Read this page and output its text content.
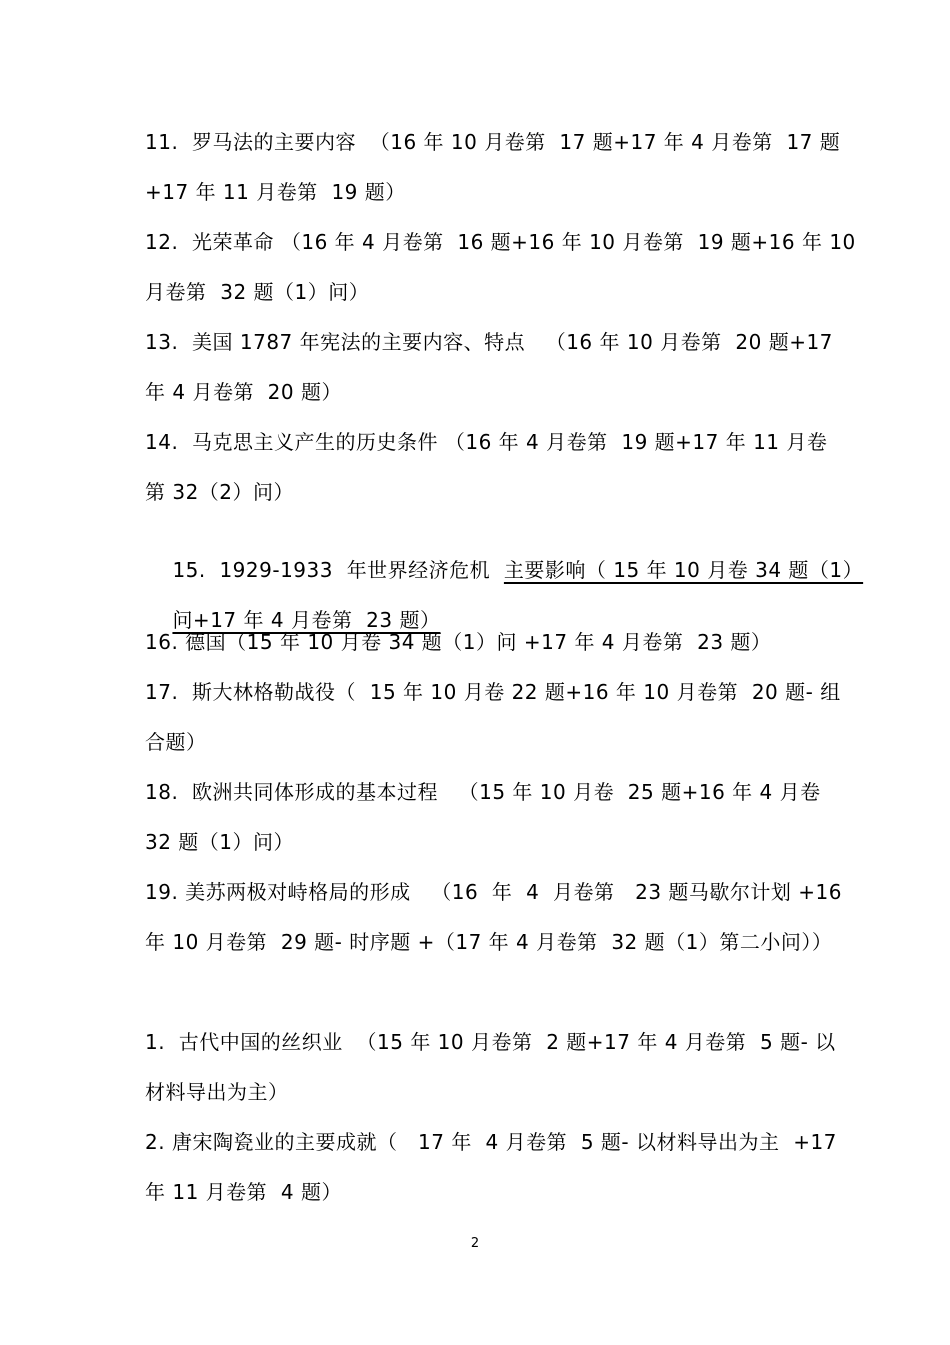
11.  罗马法的主要内容  （16 年 10 月卷第  17 题+17 年 4 月卷第  17 题
+17 年 11 月卷第  19 题）
12.  光荣革命 （16 年 4 月卷第  16 题+16 年 10 月卷第  19 题+16 年 10
月卷第  32 题（1）问）
13.  美国 1787 年宪法的主要内容、特点   （16 年 10 月卷第  20 题+17
年 4 月卷第  20 题）
14.  马克思主义产生的历史条件 （16 年 4 月卷第  19 题+17 年 11 月卷
第 32（2）问）

15.  1929-1933  年世界经济危机  主要影响（ 15 年 10 月卷 34 题（1）

问+17 年 4 月卷第  23 题）

16. 德国（15 年 10 月卷 34 题（1）问 +17 年 4 月卷第  23 题）
17.  斯大林格勒战役（  15 年 10 月卷 22 题+16 年 10 月卷第  20 题- 组
合题）
18.  欧洲共同体形成的基本过程   （15 年 10 月卷  25 题+16 年 4 月卷
32 题（1）问）
19. 美苏两极对峙格局的形成   （16  年  4  月卷第   23 题马歇尔计划 +16
年 10 月卷第  29 题- 时序题 +（17 年 4 月卷第  32 题（1）第二小问））
1.  古代中国的丝织业  （15 年 10 月卷第  2 题+17 年 4 月卷第  5 题- 以
材料导出为主）
2. 唐宋陶瓷业的主要成就（   17 年  4 月卷第  5 题- 以材料导出为主  +17
年 11 月卷第  4 题）
2
